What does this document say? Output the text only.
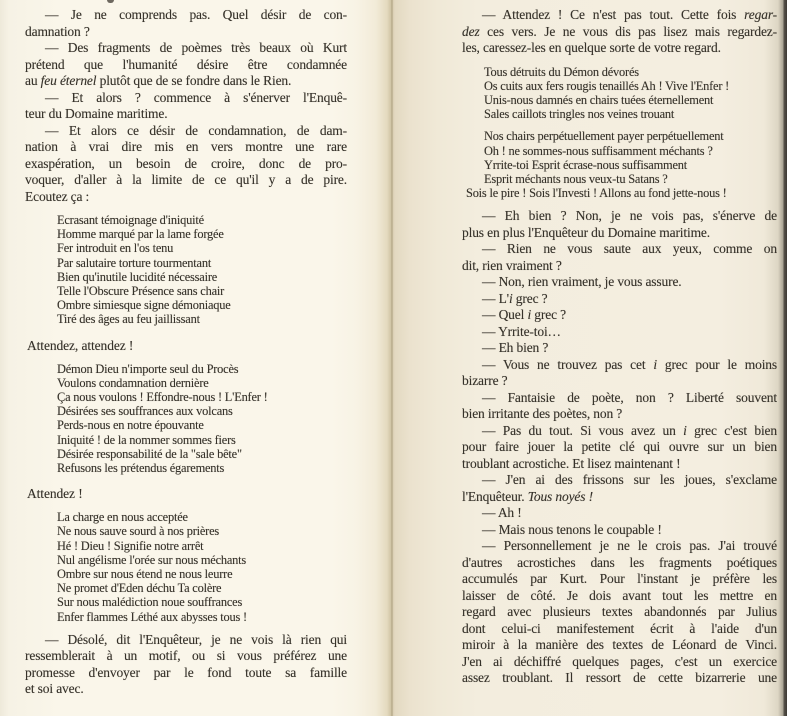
— Je ne comprends pas. Quel désir de con-
damnation ?
— Des fragments de poèmes très beaux où Kurt
prétend que l'humanité désire être condamnée
au feu éternel plutôt que de se fondre dans le Rien.
— Et alors ? commence à s'énerver l'Enquê-
teur du Domaine maritime.
— Et alors ce désir de condamnation, de dam-
nation à vrai dire mis en vers montre une rare
exaspération, un besoin de croire, donc de pro-
voquer, d'aller à la limite de ce qu'il y a de pire.
Ecoutez ça :
Ecrasant témoignage d'iniquité
Homme marqué par la lame forgée
Fer introduit en l'os tenu
Par salutaire torture tourmentant
Bien qu'inutile lucidité nécessaire
Telle l'Obscure Présence sans chair
Ombre simiesque signe démoniaque
Tiré des âges au feu jaillissant
Attendez, attendez !
Démon Dieu n'importe seul du Procès
Voulons condamnation dernière
Ça nous voulons ! Effondre-nous ! L'Enfer !
Désirées ses souffrances aux volcans
Perds-nous en notre épouvante
Iniquité ! de la nommer sommes fiers
Désirée responsabilité de la "sale bête"
Refusons les prétendus égarements
Attendez !
La charge en nous acceptée
Ne nous sauve sourd à nos prières
Hé ! Dieu ! Signifie notre arrêt
Nul angélisme l'orée sur nous méchants
Ombre sur nous étend ne nous leurre
Ne promet d'Eden déchu Ta colère
Sur nous malédiction noue souffrances
Enfer flammes Léthé aux abysses tous !
— Désolé, dit l'Enquêteur, je ne vois là rien qui
ressemblerait à un motif, ou si vous préférez une
promesse d'envoyer par le fond toute sa famille
et soi avec.
— Attendez ! Ce n'est pas tout. Cette fois regar-
dez ces vers. Je ne vous dis pas lisez mais regardez-
les, caressez-les en quelque sorte de votre regard.
Tous détruits du Démon dévorés
Os cuits aux fers rougis tenaillés Ah ! Vive l'Enfer !
Unis-nous damnés en chairs tuées éternellement
Sales caillots tringles nos veines trouant
Nos chairs perpétuellement payer perpétuellement
Oh ! ne sommes-nous suffisamment méchants ?
Yrrite-toi Esprit écrase-nous suffisamment
Esprit méchants nous veux-tu Satans ?
Sois le pire ! Sois l'Investi ! Allons au fond jette-nous !
— Eh bien ? Non, je ne vois pas, s'énerve de
plus en plus l'Enquêteur du Domaine maritime.
— Rien ne vous saute aux yeux, comme on
dit, rien vraiment ?
— Non, rien vraiment, je vous assure.
— L'i grec ?
— Quel i grec ?
— Yrrite-toi…
— Eh bien ?
— Vous ne trouvez pas cet i grec pour le moins
bizarre ?
— Fantaisie de poète, non ? Liberté souvent
bien irritante des poètes, non ?
— Pas du tout. Si vous avez un i grec c'est bien
pour faire jouer la petite clé qui ouvre sur un bien
troublant acrostiche. Et lisez maintenant !
— J'en ai des frissons sur les joues, s'exclame
l'Enquêteur. Tous noyés !
— Ah !
— Mais nous tenons le coupable !
— Personnellement je ne le crois pas. J'ai trouvé
d'autres acrostiches dans les fragments poétiques
accumulés par Kurt. Pour l'instant je préfère les
laisser de côté. Je dois avant tout les mettre en
regard avec plusieurs textes abandonnés par Julius
dont celui-ci manifestement écrit à l'aide d'un
miroir à la manière des textes de Léonard de Vinci.
J'en ai déchiffré quelques pages, c'est un exercice
assez troublant. Il ressort de cette bizarrerie une
